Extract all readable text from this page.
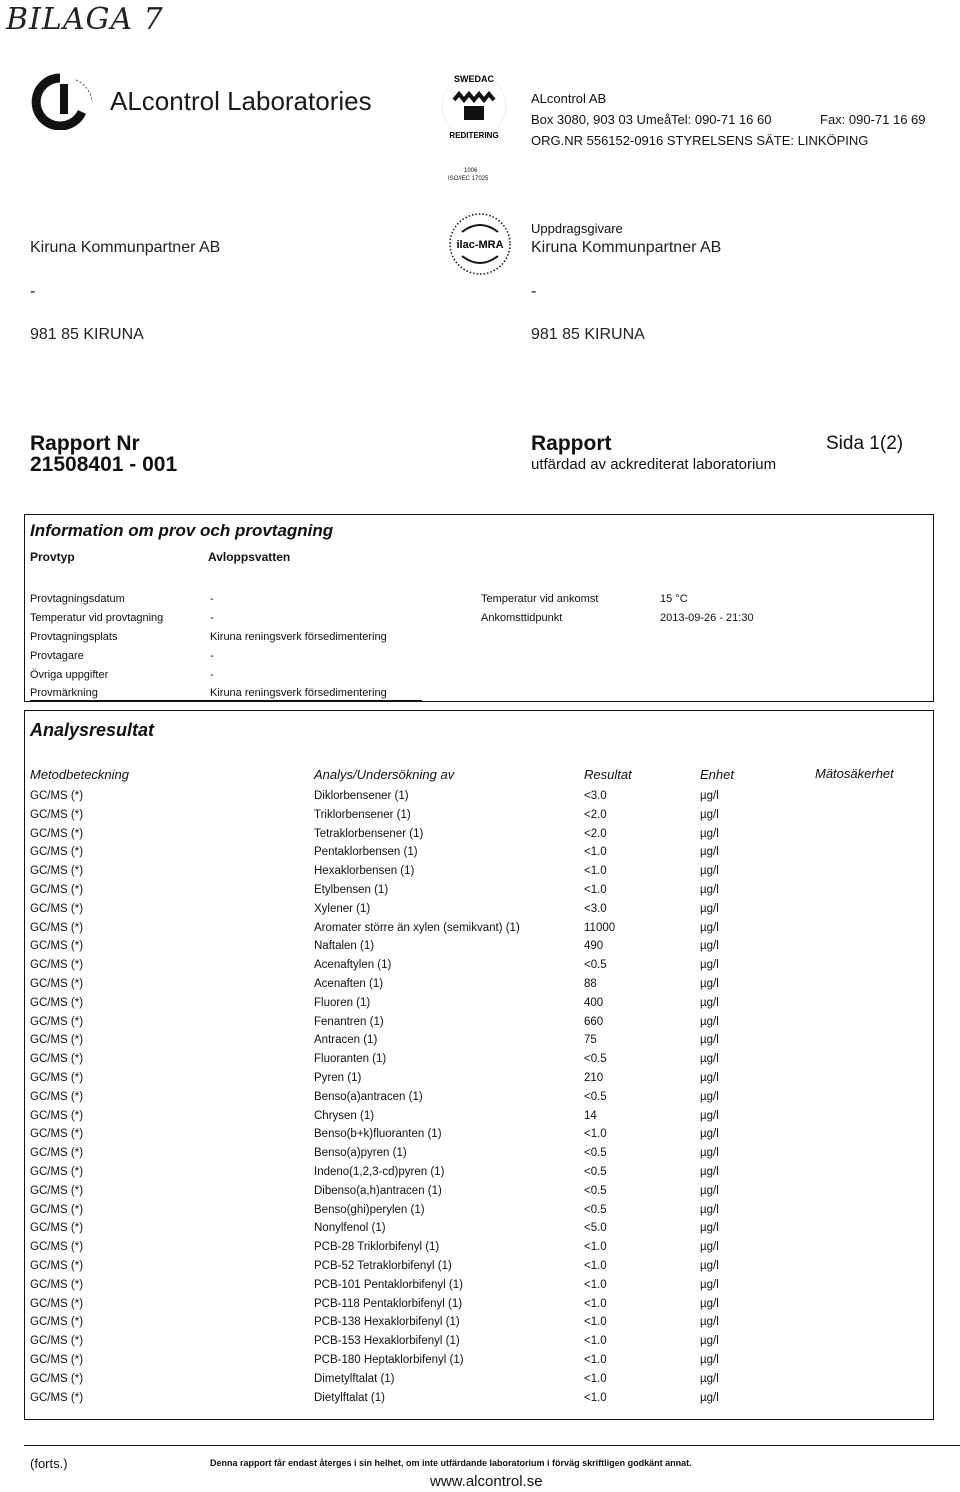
BILAGA 7
ALcontrol Laboratories
SWEDAC
REDITERING
1006
ISO/IEC 17025
ALcontrol AB
Box 3080, 903 03 Umeå Tel: 090-71 16 60	Fax: 090-71 16 69
ORG.NR 556152-0916 STYRELSENS SÄTE: LINKÖPING
ilac-MRA
Kiruna Kommunpartner AB
-
981 85 KIRUNA
Uppdragsgivare
Kiruna Kommunpartner AB
-
981 85 KIRUNA
Rapport Nr
21508401 - 001
Rapport
utfärdad av ackrediterat laboratorium
Sida 1(2)
Information om prov och provtagning
Provtyp	Avloppsvatten
Provtagningsdatum	-
Temperatur vid provtagning	-
Provtagningsplats	Kiruna reningsverk försedimentering
Provtagare	-
Övriga uppgifter	-
Provmärkning	Kiruna reningsverk försedimentering
Temperatur vid ankomst	15 °C
Ankomsttidpunkt	2013-09-26 - 21:30
Analysresultat
Metodbeteckning	Analys/Undersökning av	Resultat	Enhet	Mätosäkerhet
GC/MS (*)	Diklorbensener (1)	<3.0	µg/l
GC/MS (*)	Triklorbensener (1)	<2.0	µg/l
GC/MS (*)	Tetraklorbensener (1)	<2.0	µg/l
GC/MS (*)	Pentaklorbensen (1)	<1.0	µg/l
GC/MS (*)	Hexaklorbensen (1)	<1.0	µg/l
GC/MS (*)	Etylbensen (1)	<1.0	µg/l
GC/MS (*)	Xylener (1)	<3.0	µg/l
GC/MS (*)	Aromater större än xylen (semikvant) (1)	11000	µg/l
GC/MS (*)	Naftalen (1)	490	µg/l
GC/MS (*)	Acenaftylen (1)	<0.5	µg/l
GC/MS (*)	Acenaften (1)	88	µg/l
GC/MS (*)	Fluoren (1)	400	µg/l
GC/MS (*)	Fenantren (1)	660	µg/l
GC/MS (*)	Antracen (1)	75	µg/l
GC/MS (*)	Fluoranten (1)	<0.5	µg/l
GC/MS (*)	Pyren (1)	210	µg/l
GC/MS (*)	Benso(a)antracen (1)	<0.5	µg/l
GC/MS (*)	Chrysen (1)	14	µg/l
GC/MS (*)	Benso(b+k)fluoranten (1)	<1.0	µg/l
GC/MS (*)	Benso(a)pyren (1)	<0.5	µg/l
GC/MS (*)	Indeno(1,2,3-cd)pyren (1)	<0.5	µg/l
GC/MS (*)	Dibenso(a,h)antracen (1)	<0.5	µg/l
GC/MS (*)	Benso(ghi)perylen (1)	<0.5	µg/l
GC/MS (*)	Nonylfenol (1)	<5.0	µg/l
GC/MS (*)	PCB-28 Triklorbifenyl (1)	<1.0	µg/l
GC/MS (*)	PCB-52 Tetraklorbifenyl (1)	<1.0	µg/l
GC/MS (*)	PCB-101 Pentaklorbifenyl (1)	<1.0	µg/l
GC/MS (*)	PCB-118 Pentaklorbifenyl (1)	<1.0	µg/l
GC/MS (*)	PCB-138 Hexaklorbifenyl (1)	<1.0	µg/l
GC/MS (*)	PCB-153 Hexaklorbifenyl (1)	<1.0	µg/l
GC/MS (*)	PCB-180 Heptaklorbifenyl (1)	<1.0	µg/l
GC/MS (*)	Dimetylftalat (1)	<1.0	µg/l
GC/MS (*)	Dietylftalat (1)	<1.0	µg/l
(forts.)	Denna rapport får endast återges i sin helhet, om inte utfärdande laboratorium i förväg skriftligen godkänt annat.
www.alcontrol.se
